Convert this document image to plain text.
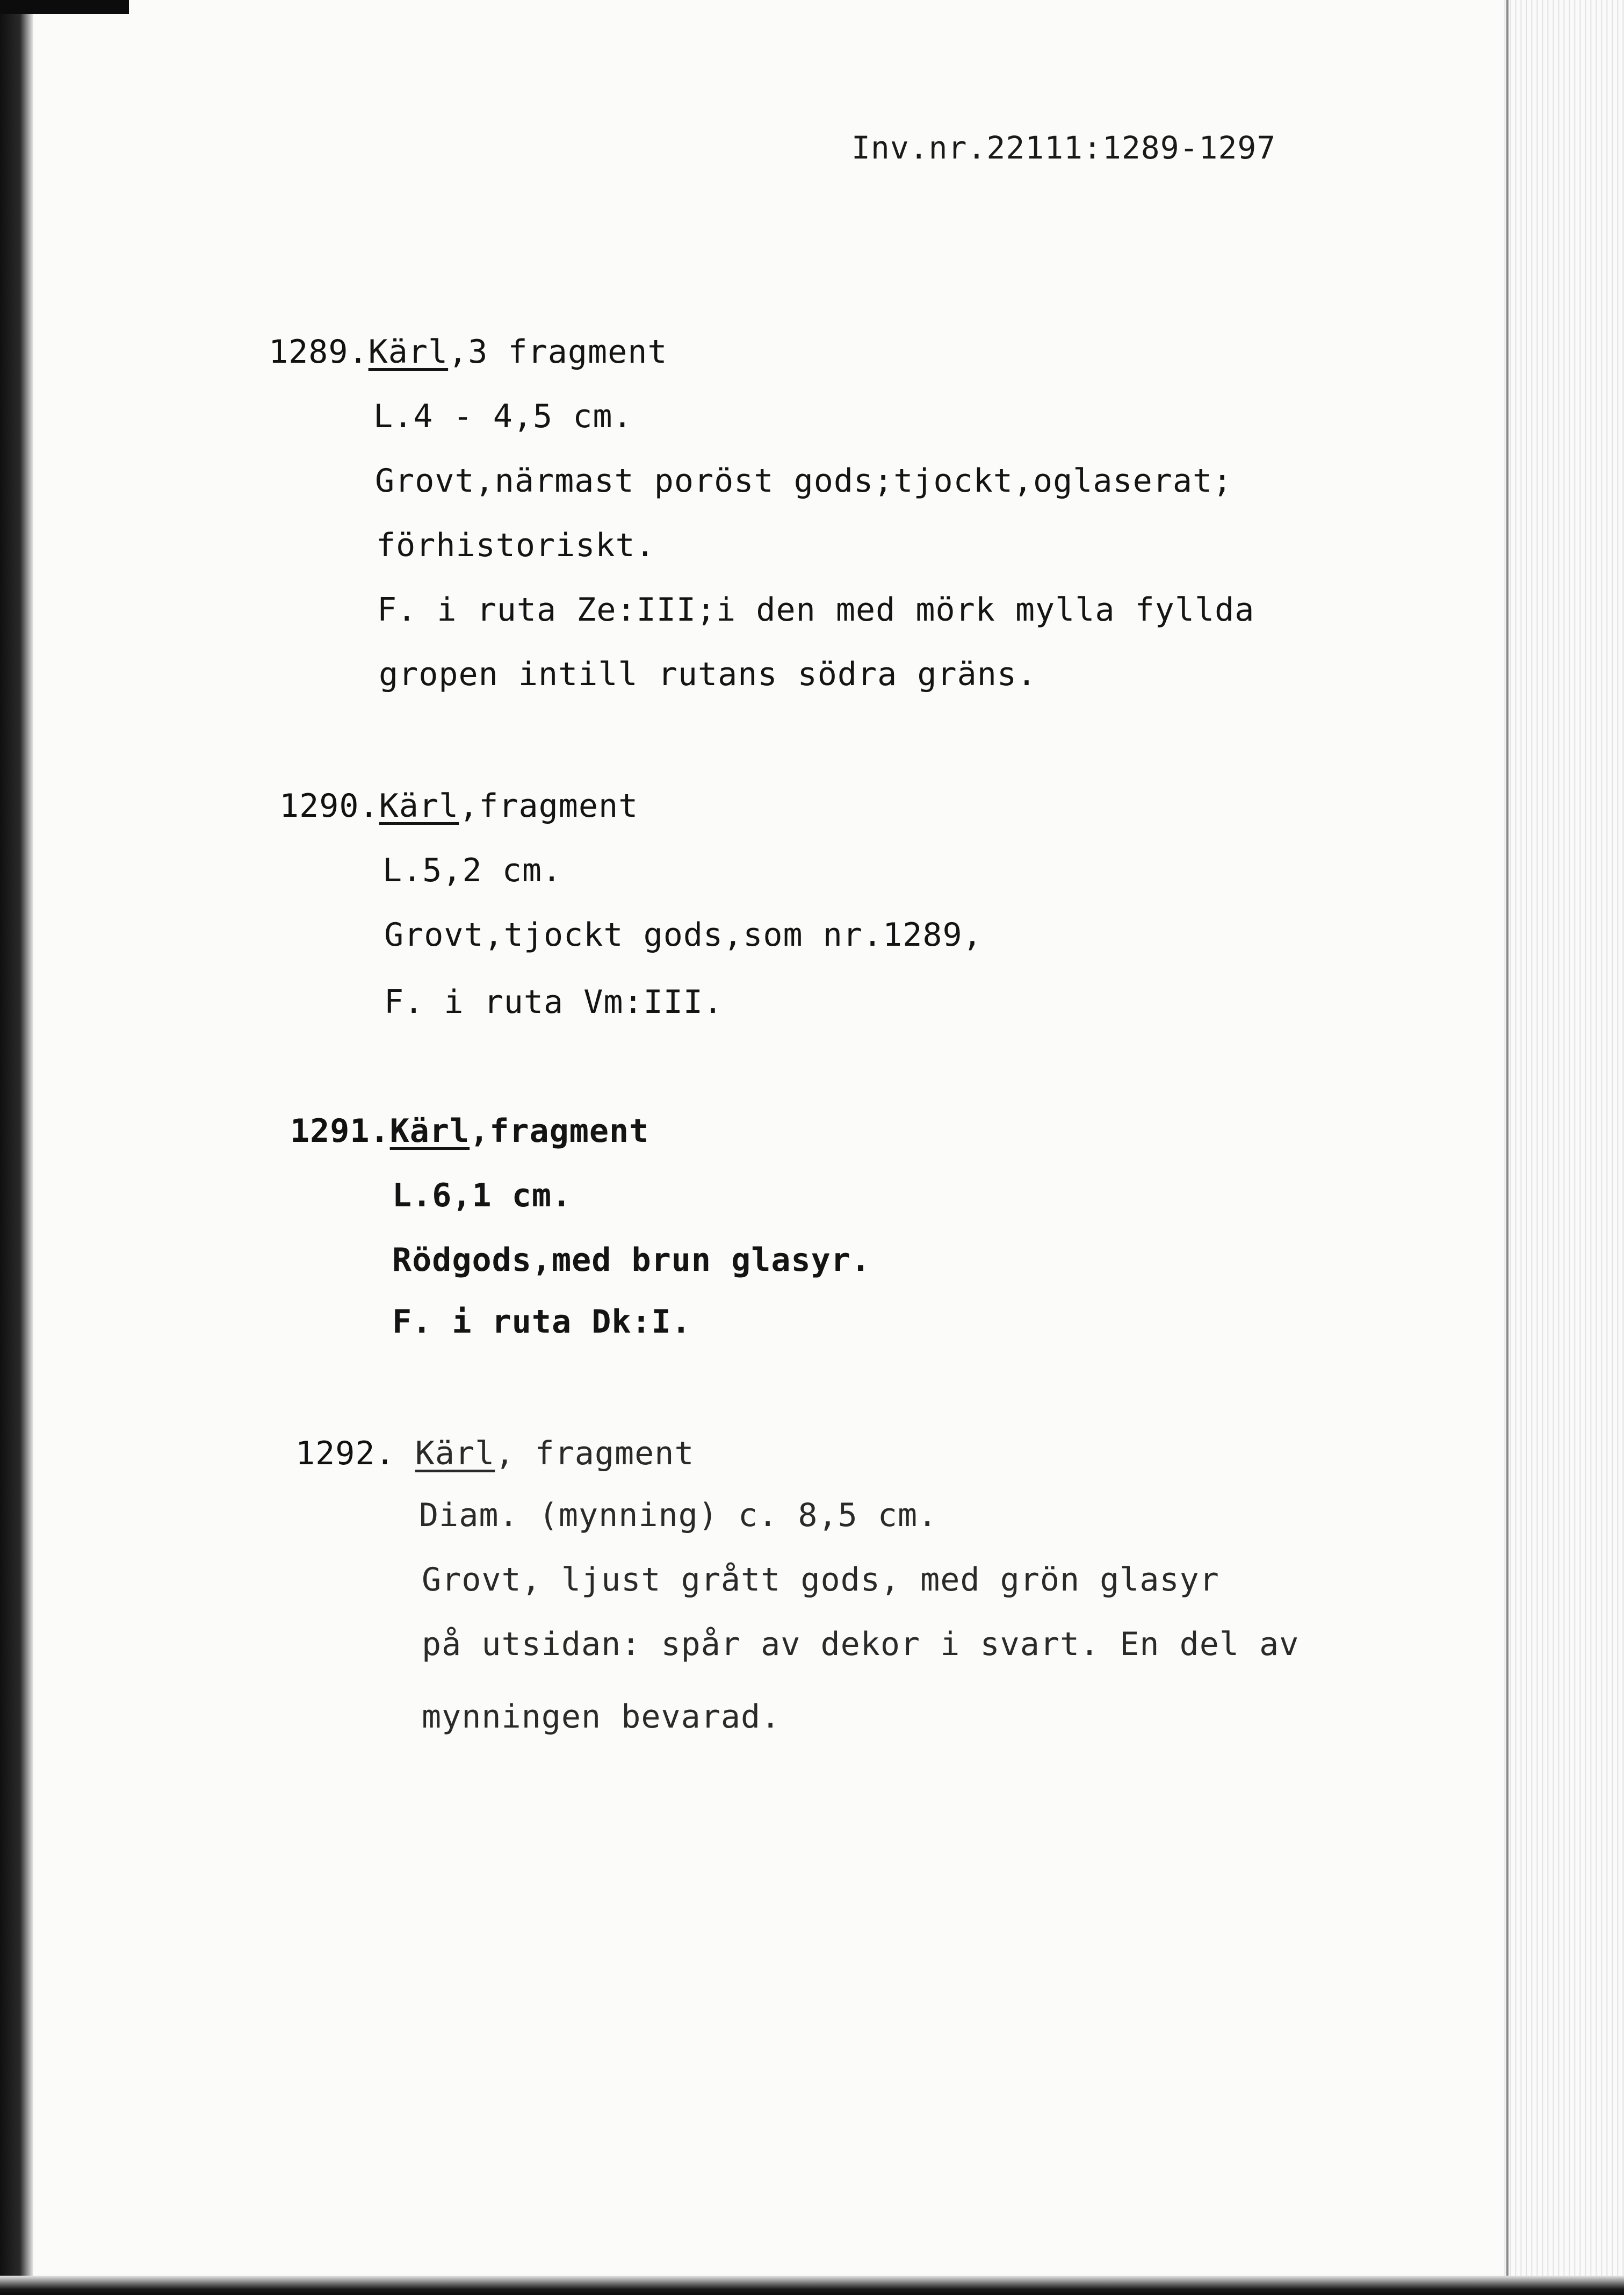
Inv.nr.22111:1289-1297
1289.Kärl,3 fragment
L.4 - 4,5 cm.
Grovt,närmast poröst gods;tjockt,oglaserat;
förhistoriskt.
F. i ruta Ze:III;i den med mörk mylla fyllda
gropen intill rutans södra gräns.
1290.Kärl,fragment
L.5,2 cm.
Grovt,tjockt gods,som nr.1289,
F. i ruta Vm:III.
1291.Kärl,fragment
L.6,1 cm.
Rödgods,med brun glasyr.
F. i ruta Dk:I.
1292. Kärl, fragment
Diam. (mynning) c. 8,5 cm.
Grovt, ljust grått gods, med grön glasyr
på utsidan: spår av dekor i svart. En del av
mynningen bevarad.
